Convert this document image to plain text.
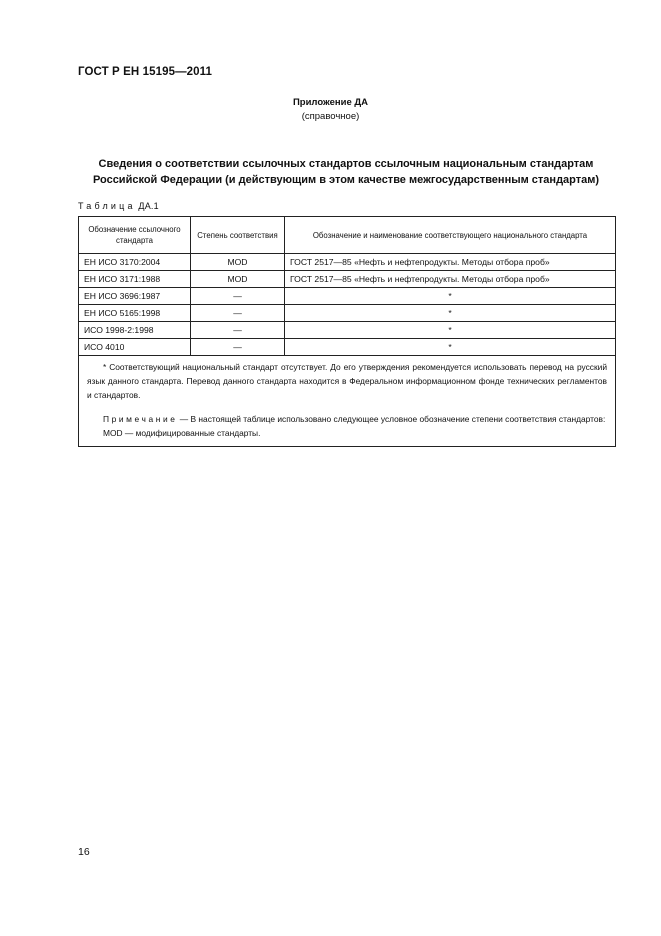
ГОСТ Р ЕН 15195—2011
Приложение ДА
(справочное)
Сведения о соответствии ссылочных стандартов ссылочным национальным стандартам
Российской Федерации (и действующим в этом качестве межгосударственным стандартам)
Таблица ДА.1
Обозначение ссылочного стандарта	Степень соответствия	Обозначение и наименование соответствующего национального стандарта
ЕН ИСО 3170:2004	MOD	ГОСТ 2517—85 «Нефть и нефтепродукты. Методы отбора проб»
ЕН ИСО 3171:1988	MOD	ГОСТ 2517—85 «Нефть и нефтепродукты. Методы отбора проб»
ЕН ИСО 3696:1987	—	*
ЕН ИСО 5165:1998	—	*
ИСО 1998-2:1998	—	*
ИСО 4010	—	*

* Соответствующий национальный стандарт отсутствует. До его утверждения рекомендуется использовать перевод на русский язык данного стандарта. Перевод данного стандарта находится в Федеральном информационном фонде технических регламентов и стандартов.

Примечание — В настоящей таблице использовано следующее условное обозначение степени соответствия стандартов:

MOD — модифицированные стандарты.		

16
